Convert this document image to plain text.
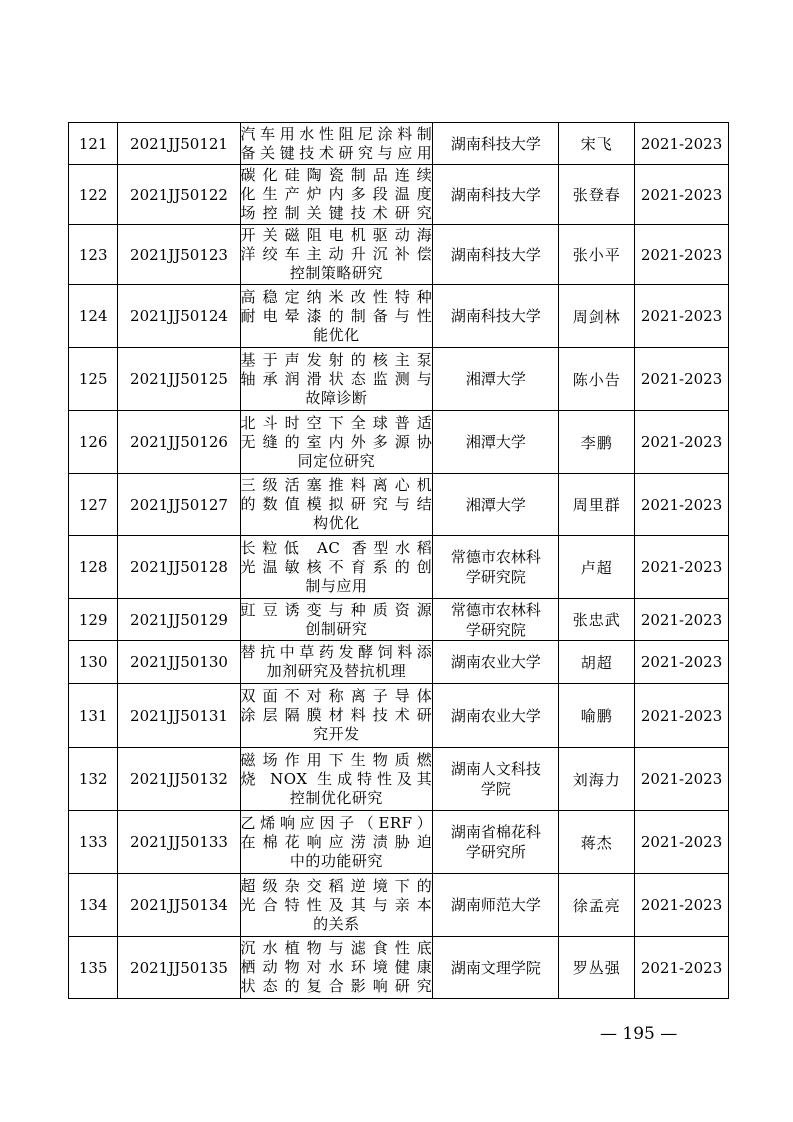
121	2021JJ50121	汽车用水性阻尼涂料制
备关键技术研究与应用	湖南科技大学	宋飞	2021-2023
122	2021JJ50122	碳化硅陶瓷制品连续
化生产炉内多段温度
场控制关键技术研究	湖南科技大学	张登春	2021-2023
123	2021JJ50123	开关磁阻电机驱动海
洋绞车主动升沉补偿
控制策略研究	湖南科技大学	张小平	2021-2023
124	2021JJ50124	高稳定纳米改性特种
耐电晕漆的制备与性
能优化	湖南科技大学	周剑林	2021-2023
125	2021JJ50125	基于声发射的核主泵
轴承润滑状态监测与
故障诊断	湘潭大学	陈小告	2021-2023
126	2021JJ50126	北斗时空下全球普适
无缝的室内外多源协
同定位研究	湘潭大学	李鹏	2021-2023
127	2021JJ50127	三级活塞推料离心机
的数值模拟研究与结
构优化	湘潭大学	周里群	2021-2023
128	2021JJ50128	长粒低 AC 香型水稻
光温敏核不育系的创
制与应用	常德市农林科
学研究院	卢超	2021-2023
129	2021JJ50129	豇豆诱变与种质资源
创制研究	常德市农林科
学研究院	张忠武	2021-2023
130	2021JJ50130	替抗中草药发酵饲料添
加剂研究及替抗机理	湖南农业大学	胡超	2021-2023
131	2021JJ50131	双面不对称离子导体
涂层隔膜材料技术研
究开发	湖南农业大学	喻鹏	2021-2023
132	2021JJ50132	磁场作用下生物质燃
烧 NOX 生成特性及其
控制优化研究	湖南人文科技
学院	刘海力	2021-2023
133	2021JJ50133	乙烯响应因子（ERF）
在棉花响应涝渍胁迫
中的功能研究	湖南省棉花科
学研究所	蒋杰	2021-2023
134	2021JJ50134	超级杂交稻逆境下的
光合特性及其与亲本
的关系	湖南师范大学	徐孟亮	2021-2023
135	2021JJ50135	沉水植物与滤食性底
栖动物对水环境健康
状态的复合影响研究	湖南文理学院	罗丛强	2021-2023
— 195 —
